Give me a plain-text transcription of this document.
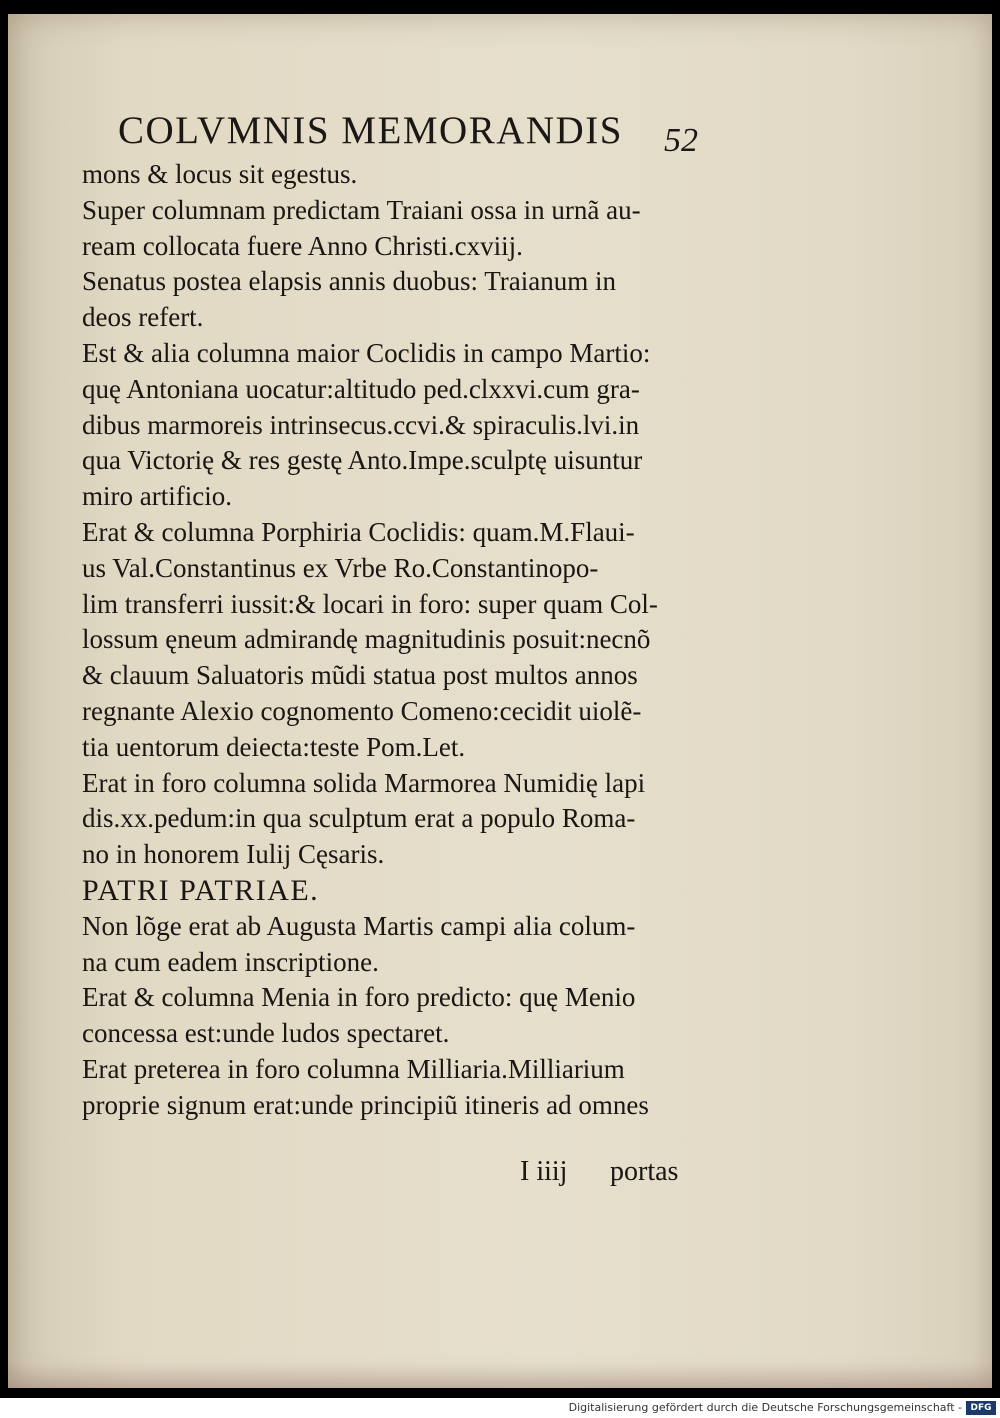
COLVMNIS MEMORANDIS 52
mons & locus sit egestus.
Super columnam predictam Traiani ossa in urnã au-
ream collocata fuere Anno Christi.cxviij.
Senatus postea elapsis annis duobus: Traianum in
deos refert.
Est & alia columna maior Coclidis in campo Martio:
quę Antoniana uocatur:altitudo ped.clxxvi.cum gra-
dibus marmoreis intrinsecus.ccvi.& spiraculis.lvi.in
qua Victorię & res gestę Anto.Impe.sculptę uisuntur
miro artificio.
Erat & columna Porphiria Coclidis: quam.M.Flaui-
us Val.Constantinus ex Vrbe Ro.Constantinopo-
lim transferri iussit:& locari in foro: super quam Col-
lossum ęneum admirandę magnitudinis posuit:necnõ
& clauum Saluatoris mũdi statua post multos annos
regnante Alexio cognomento Comeno:cecidit uiolẽ-
tia uentorum deiecta:teste Pom.Let.
Erat in foro columna solida Marmorea Numidię lapi
dis.xx.pedum:in qua sculptum erat a populo Roma-
no in honorem Iulij Cęsaris.
PATRI PATRIAE.
Non lõge erat ab Augusta Martis campi alia colum-
na cum eadem inscriptione.
Erat & columna Menia in foro predicto: quę Menio
concessa est:unde ludos spectaret.
Erat preterea in foro columna Milliaria.Milliarium
proprie signum erat:unde principiũ itineris ad omnes
I iiij portas
Digitalisierung gefördert durch die Deutsche Forschungsgemeinschaft - DFG
